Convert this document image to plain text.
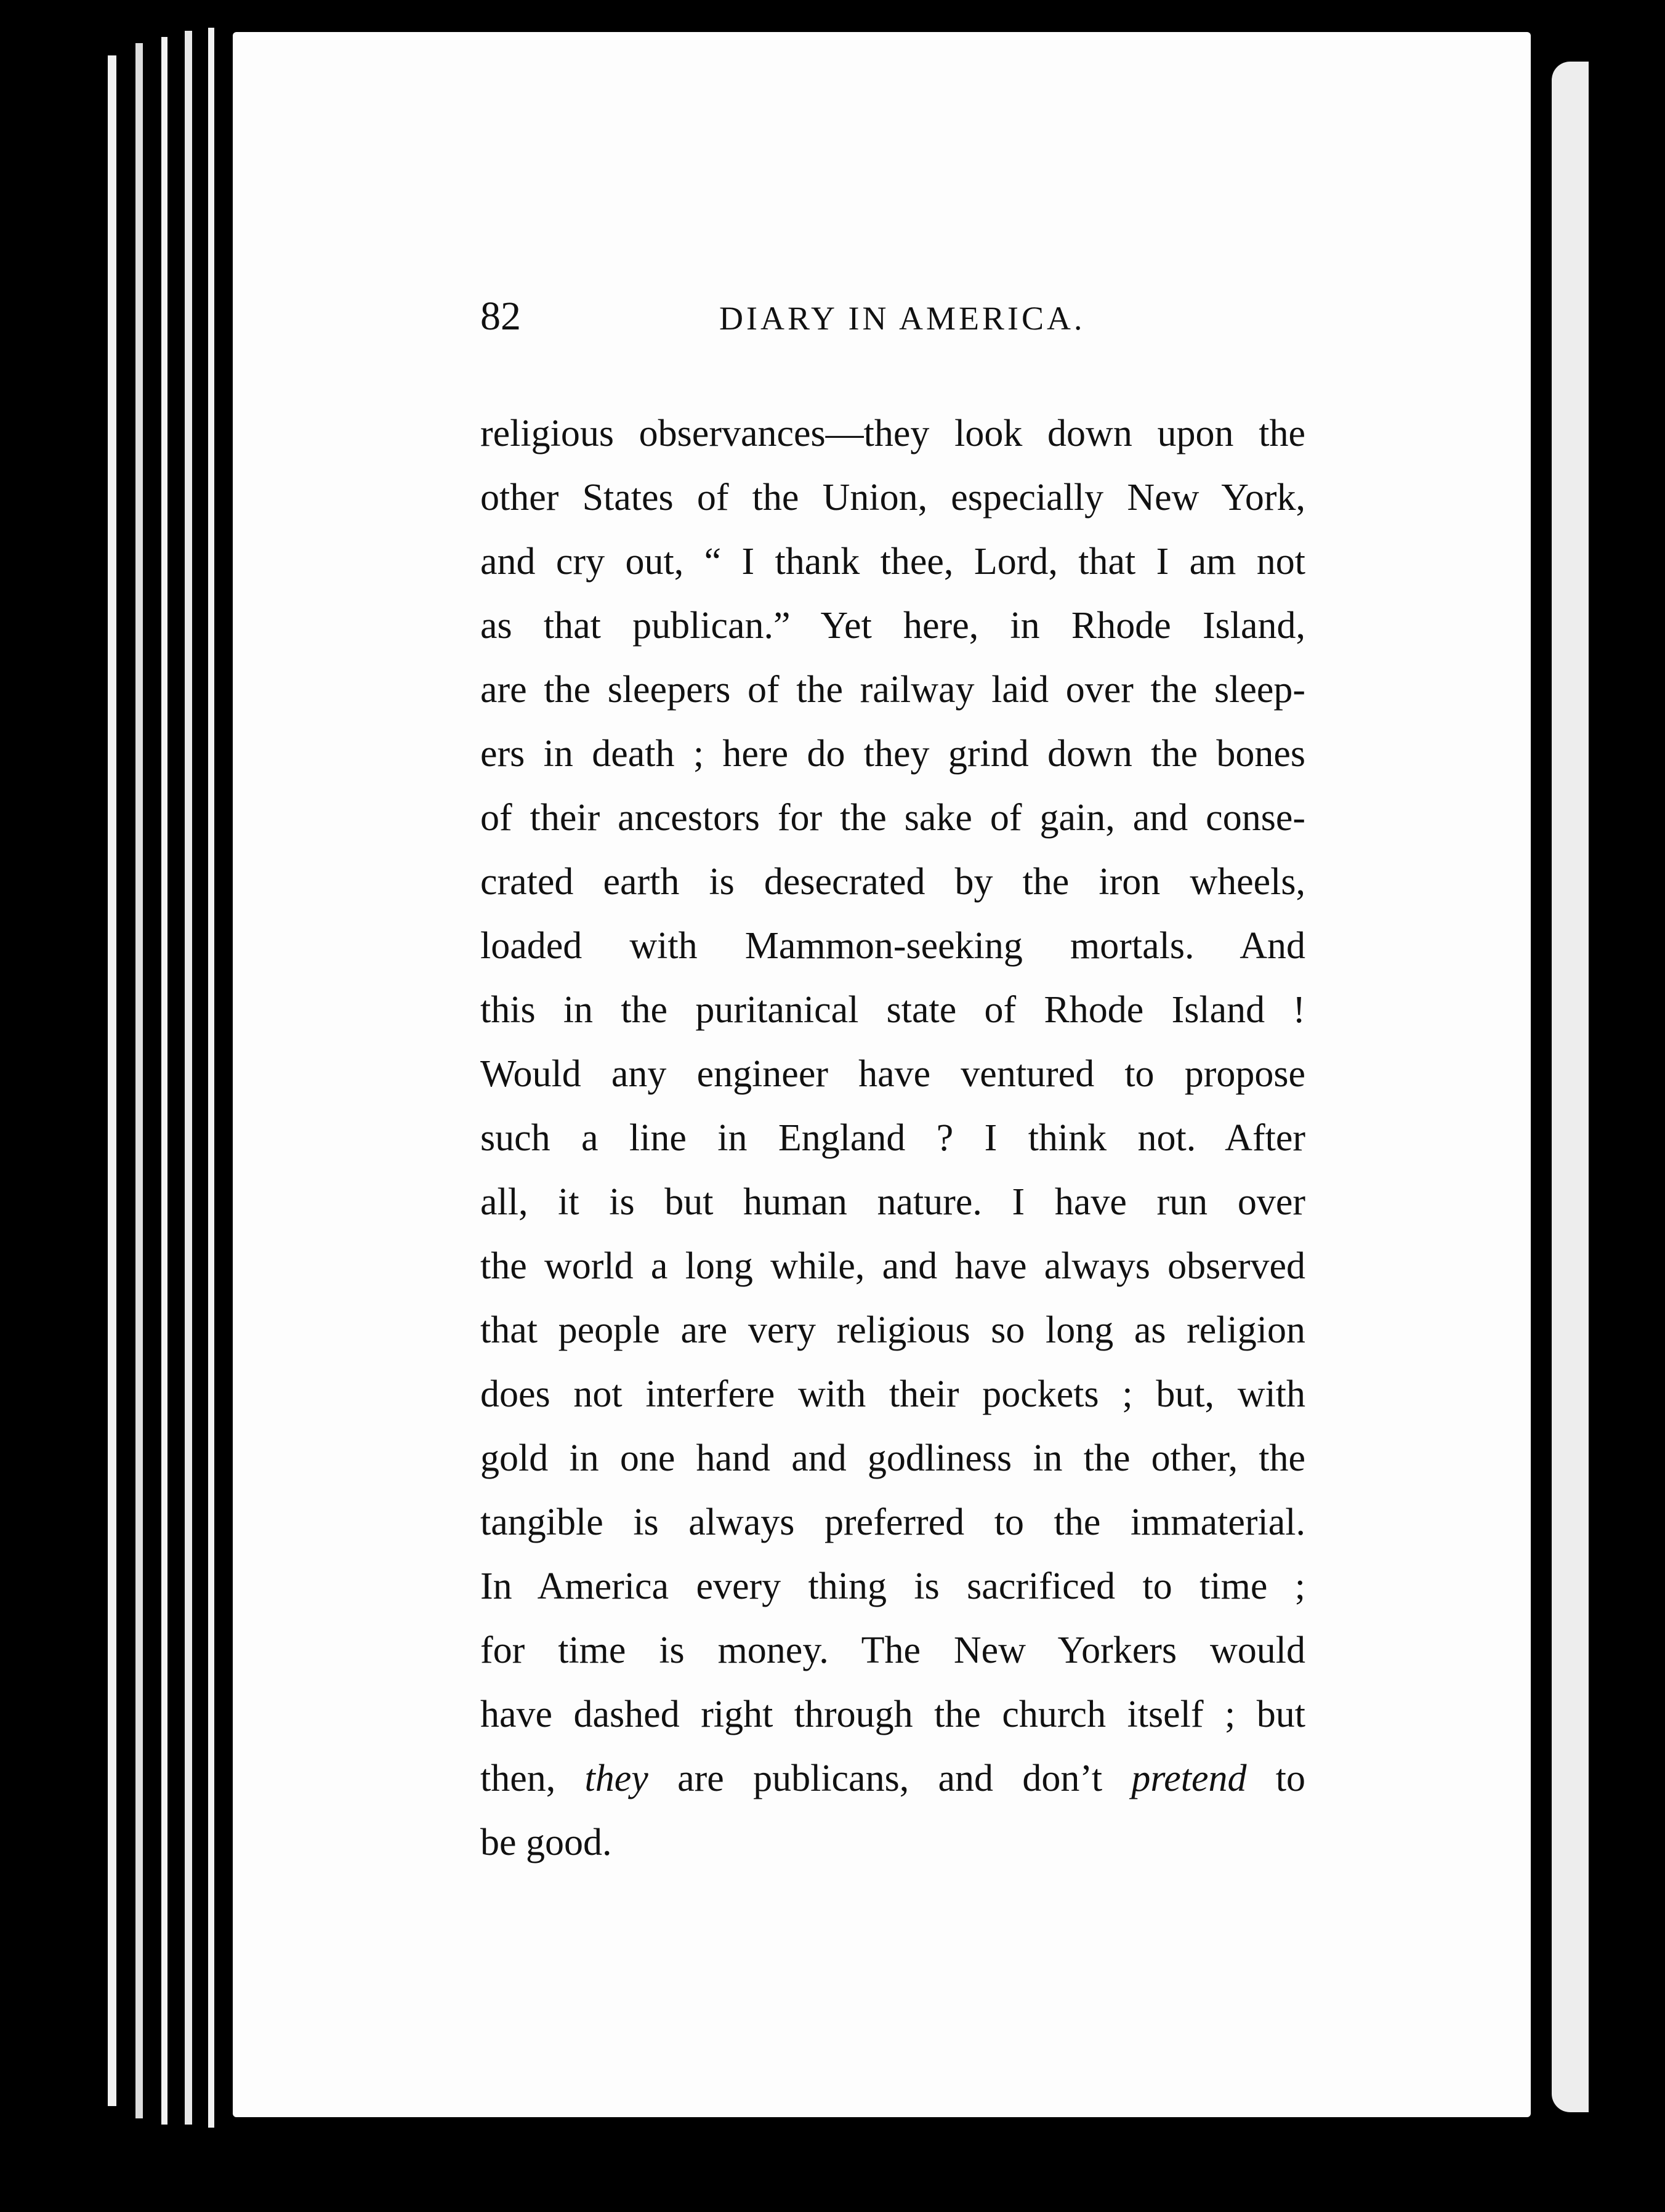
82	DIARY IN AMERICA.
religious observances—they look down upon the
other States of the Union, especially New York,
and cry out, “ I thank thee, Lord, that I am not
as that publican.” Yet here, in Rhode Island,
are the sleepers of the railway laid over the sleep-
ers in death ; here do they grind down the bones
of their ancestors for the sake of gain, and conse-
crated earth is desecrated by the iron wheels,
loaded with Mammon-seeking mortals. And
this in the puritanical state of Rhode Island !
Would any engineer have ventured to propose
such a line in England ? I think not. After
all, it is but human nature. I have run over
the world a long while, and have always observed
that people are very religious so long as religion
does not interfere with their pockets ; but, with
gold in one hand and godliness in the other, the
tangible is always preferred to the immaterial.
In America every thing is sacrificed to time ;
for time is money. The New Yorkers would
have dashed right through the church itself ; but
then, they are publicans, and don’t pretend to
be good.
